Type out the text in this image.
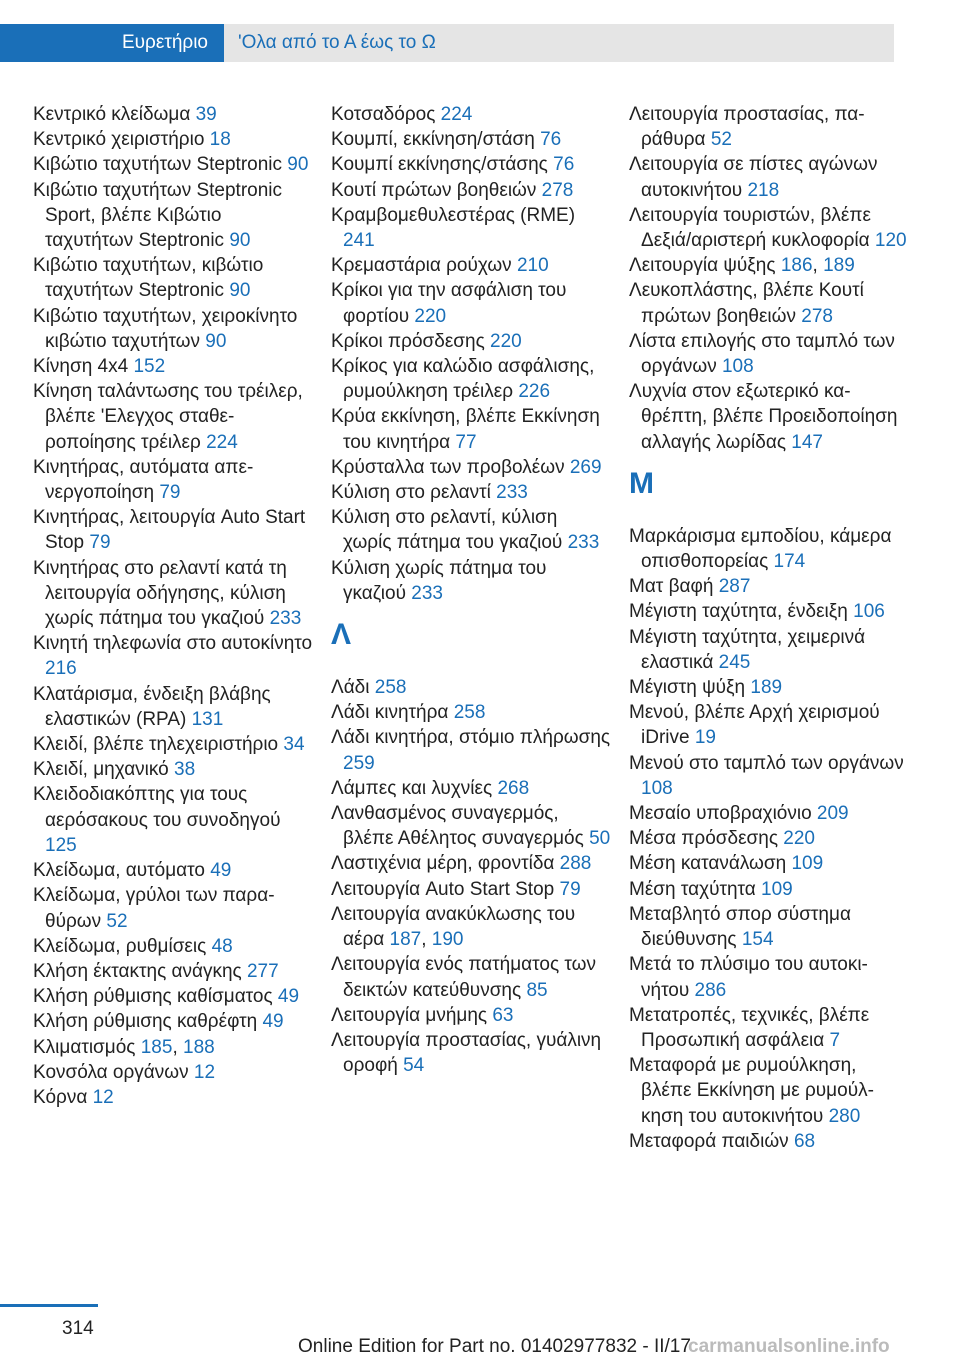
Ευρετήριο	'Ολα από το Α έως το Ω
Κεντρικό κλείδωμα 39
Κεντρικό χειριστήριο 18
Κιβώτιο ταχυτήτων Steptronic 90
Κιβώτιο ταχυτήτων Steptronic Sport, βλέπε Κιβώτιο ταχυτήτων Steptronic 90
Κιβώτιο ταχυτήτων, κιβώτιο ταχυτήτων Steptronic 90
Κιβώτιο ταχυτήτων, χειροκίνητο κιβώτιο ταχυτήτων 90
Κίνηση 4x4 152
Κίνηση ταλάντωσης του τρέιλερ, βλέπε 'Ελεγχος σταθεροποίησης τρέιλερ 224
Κινητήρας, αυτόματα απενεργοποίηση 79
Κινητήρας, λειτουργία Auto Start Stop 79
Κινητήρας στο ρελαντί κατά τη λειτουργία οδήγησης, κύλιση χωρίς πάτημα του γκαζιού 233
Κινητή τηλεφωνία στο αυτοκίνητο 216
Κλατάρισμα, ένδειξη βλάβης ελαστικών (RPA) 131
Κλειδί, βλέπε τηλεχειριστήριο 34
Κλειδί, μηχανικό 38
Κλειδοδιακόπτης για τους αερόσακους του συνοδηγού 125
Κλείδωμα, αυτόματο 49
Κλείδωμα, γρύλοι των παραθύρων 52
Κλείδωμα, ρυθμίσεις 48
Κλήση έκτακτης ανάγκης 277
Κλήση ρύθμισης καθίσματος 49
Κλήση ρύθμισης καθρέφτη 49
Κλιματισμός 185, 188
Κονσόλα οργάνων 12
Κόρνα 12
Κοτσαδόρος 224
Κουμπί, εκκίνηση/στάση 76
Κουμπί εκκίνησης/στάσης 76
Κουτί πρώτων βοηθειών 278
Κραμβομεθυλεστέρας (RME) 241
Κρεμαστάρια ρούχων 210
Κρίκοι για την ασφάλιση του φορτίου 220
Κρίκοι πρόσδεσης 220
Κρίκος για καλώδιο ασφάλισης, ρυμούλκηση τρέιλερ 226
Κρύα εκκίνηση, βλέπε Εκκίνηση του κινητήρα 77
Κρύσταλλα των προβολέων 269
Κύλιση στο ρελαντί 233
Κύλιση στο ρελαντί, κύλιση χωρίς πάτημα του γκαζιού 233
Κύλιση χωρίς πάτημα του γκαζιού 233
Λ
Λάδι 258
Λάδι κινητήρα 258
Λάδι κινητήρα, στόμιο πλήρωσης 259
Λάμπες και λυχνίες 268
Λανθασμένος συναγερμός, βλέπε Αθέλητος συναγερμός 50
Λαστιχένια μέρη, φροντίδα 288
Λειτουργία Auto Start Stop 79
Λειτουργία ανακύκλωσης του αέρα 187, 190
Λειτουργία ενός πατήματος των δεικτών κατεύθυνσης 85
Λειτουργία μνήμης 63
Λειτουργία προστασίας, γυάλινη οροφή 54
Λειτουργία προστασίας, παράθυρα 52
Λειτουργία σε πίστες αγώνων αυτοκινήτου 218
Λειτουργία τουριστών, βλέπε Δεξιά/αριστερή κυκλοφορία 120
Λειτουργία ψύξης 186, 189
Λευκοπλάστης, βλέπε Κουτί πρώτων βοηθειών 278
Λίστα επιλογής στο ταμπλό των οργάνων 108
Λυχνία στον εξωτερικό καθρέπτη, βλέπε Προειδοποίηση αλλαγής λωρίδας 147
Μ
Μαρκάρισμα εμποδίου, κάμερα οπισθοπορείας 174
Ματ βαφή 287
Μέγιστη ταχύτητα, ένδειξη 106
Μέγιστη ταχύτητα, χειμερινά ελαστικά 245
Μέγιστη ψύξη 189
Μενού, βλέπε Αρχή χειρισμού iDrive 19
Μενού στο ταμπλό των οργάνων 108
Μεσαίο υποβραχιόνιο 209
Μέσα πρόσδεσης 220
Μέση κατανάλωση 109
Μέση ταχύτητα 109
Μεταβλητό σπορ σύστημα διεύθυνσης 154
Μετά το πλύσιμο του αυτοκινήτου 286
Μετατροπές, τεχνικές, βλέπε Προσωπική ασφάλεια 7
Μεταφορά με ρυμούλκηση, βλέπε Εκκίνηση με ρυμούλκηση του αυτοκινήτου 280
Μεταφορά παιδιών 68
314
Online Edition for Part no. 01402977832 - II/17
carmanualsonline.info
